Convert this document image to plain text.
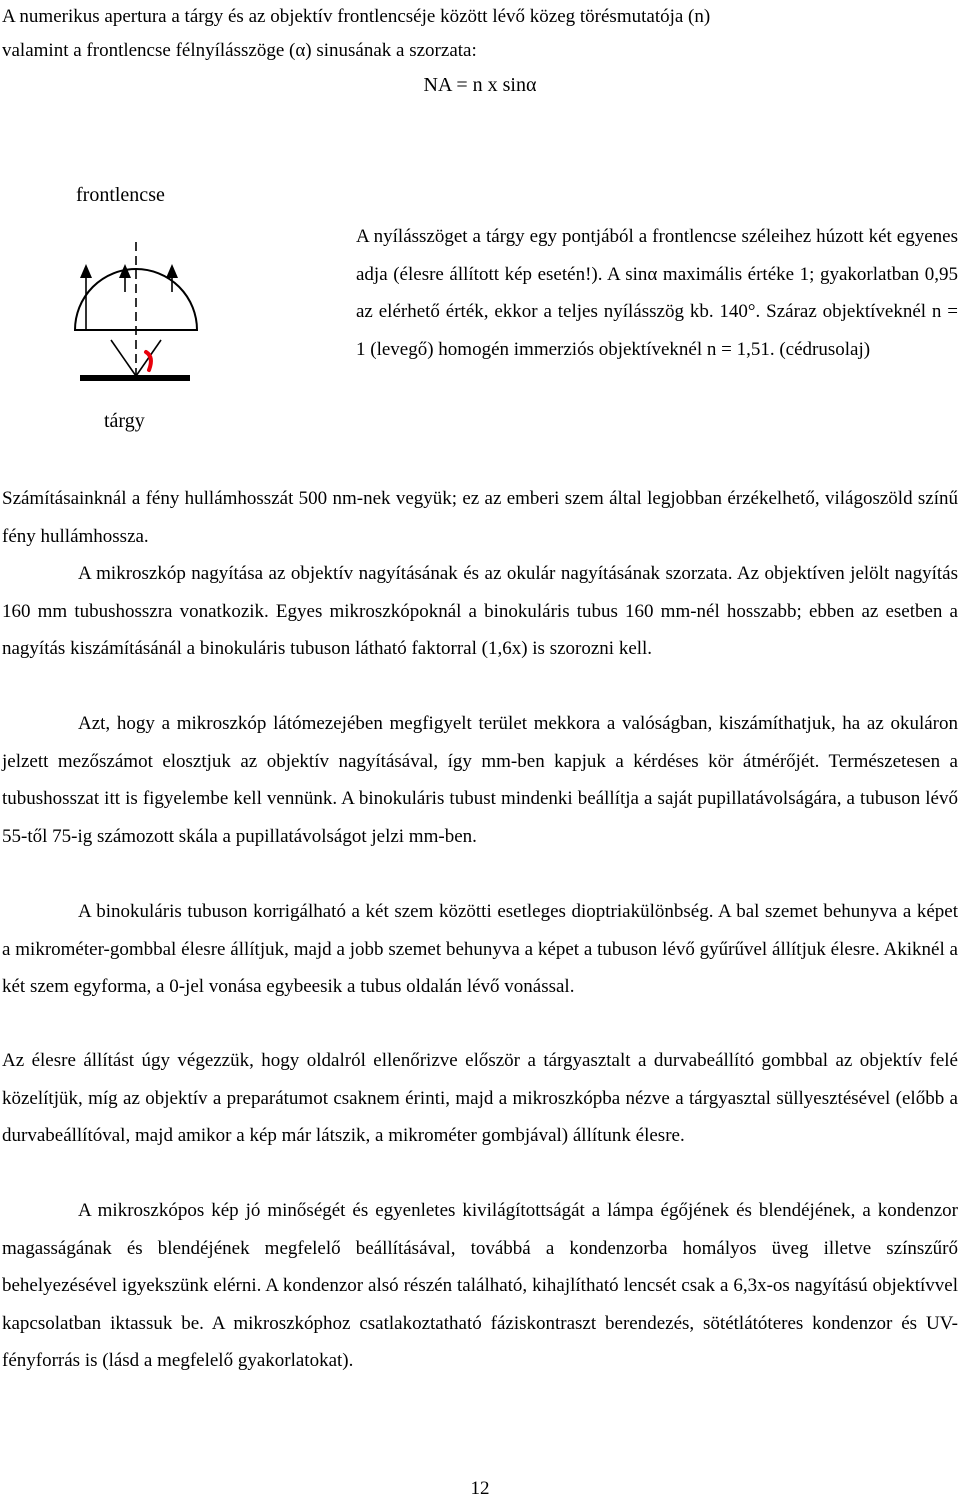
A numerikus apertura a tárgy és az objektív frontlencséje között lévő közeg törésmutatója (n)
valamint a frontlencse félnyílásszöge (α) sinusának a szorzata:

NA = n x sinα
frontlencse
tárgy

A nyílásszöget a tárgy egy pontjából a frontlencse széleihez húzott két egyenes adja (élesre állított kép esetén!). A sinα maximális értéke 1; gyakorlatban 0,95 az elérhető érték, ekkor a teljes nyílásszög kb. 140°. Száraz objektíveknél n = 1 (levegő) homogén immerziós objektíveknél n = 1,51. (cédrusolaj)

Számításainknál a fény hullámhosszát 500 nm-nek vegyük; ez az emberi szem által legjobban érzékelhető, világoszöld színű fény hullámhossza.

A mikroszkóp nagyítása az objektív nagyításának és az okulár nagyításának szorzata. Az objektíven jelölt nagyítás 160 mm tubushosszra vonatkozik. Egyes mikroszkópoknál a binokuláris tubus 160 mm-nél hosszabb; ebben az esetben a nagyítás kiszámításánál a binokuláris tubuson látható faktorral (1,6x) is szorozni kell.

Azt, hogy a mikroszkóp látómezejében megfigyelt terület mekkora a valóságban, kiszámíthatjuk, ha az okuláron jelzett mezőszámot elosztjuk az objektív nagyításával, így mm-ben kapjuk a kérdéses kör átmérőjét. Természetesen a tubushosszat itt is figyelembe kell vennünk. A binokuláris tubust mindenki beállítja a saját pupillatávolságára, a tubuson lévő 55-től 75-ig számozott skála a pupillatávolságot jelzi mm-ben.

A binokuláris tubuson korrigálható a két szem közötti esetleges dioptriakülönbség. A bal szemet behunyva a képet a mikrométer-gombbal élesre állítjuk, majd a jobb szemet behunyva a képet a tubuson lévő gyűrűvel állítjuk élesre. Akiknél a két szem egyforma, a 0-jel vonása egybeesik a tubus oldalán lévő vonással.

Az élesre állítást úgy végezzük, hogy oldalról ellenőrizve először a tárgyasztalt a durvabeállító gombbal az objektív felé közelítjük, míg az objektív a preparátumot csaknem érinti, majd a mikroszkópba nézve a tárgyasztal süllyesztésével (előbb a durvabeállítóval, majd amikor a kép már látszik, a mikrométer gombjával) állítunk élesre.

A mikroszkópos kép jó minőségét és egyenletes kivilágítottságát a lámpa égőjének és blendéjének, a kondenzor magasságának és blendéjének megfelelő beállításával, továbbá a kondenzorba homályos üveg illetve színszűrő behelyezésével igyekszünk elérni. A kondenzor alsó részén található, kihajlítható lencsét csak a 6,3x-os nagyítású objektívvel kapcsolatban iktassuk be. A mikroszkóphoz csatlakoztatható fáziskontraszt berendezés, sötétlátóteres kondenzor és UV-fényforrás is (lásd a megfelelő gyakorlatokat).

12
